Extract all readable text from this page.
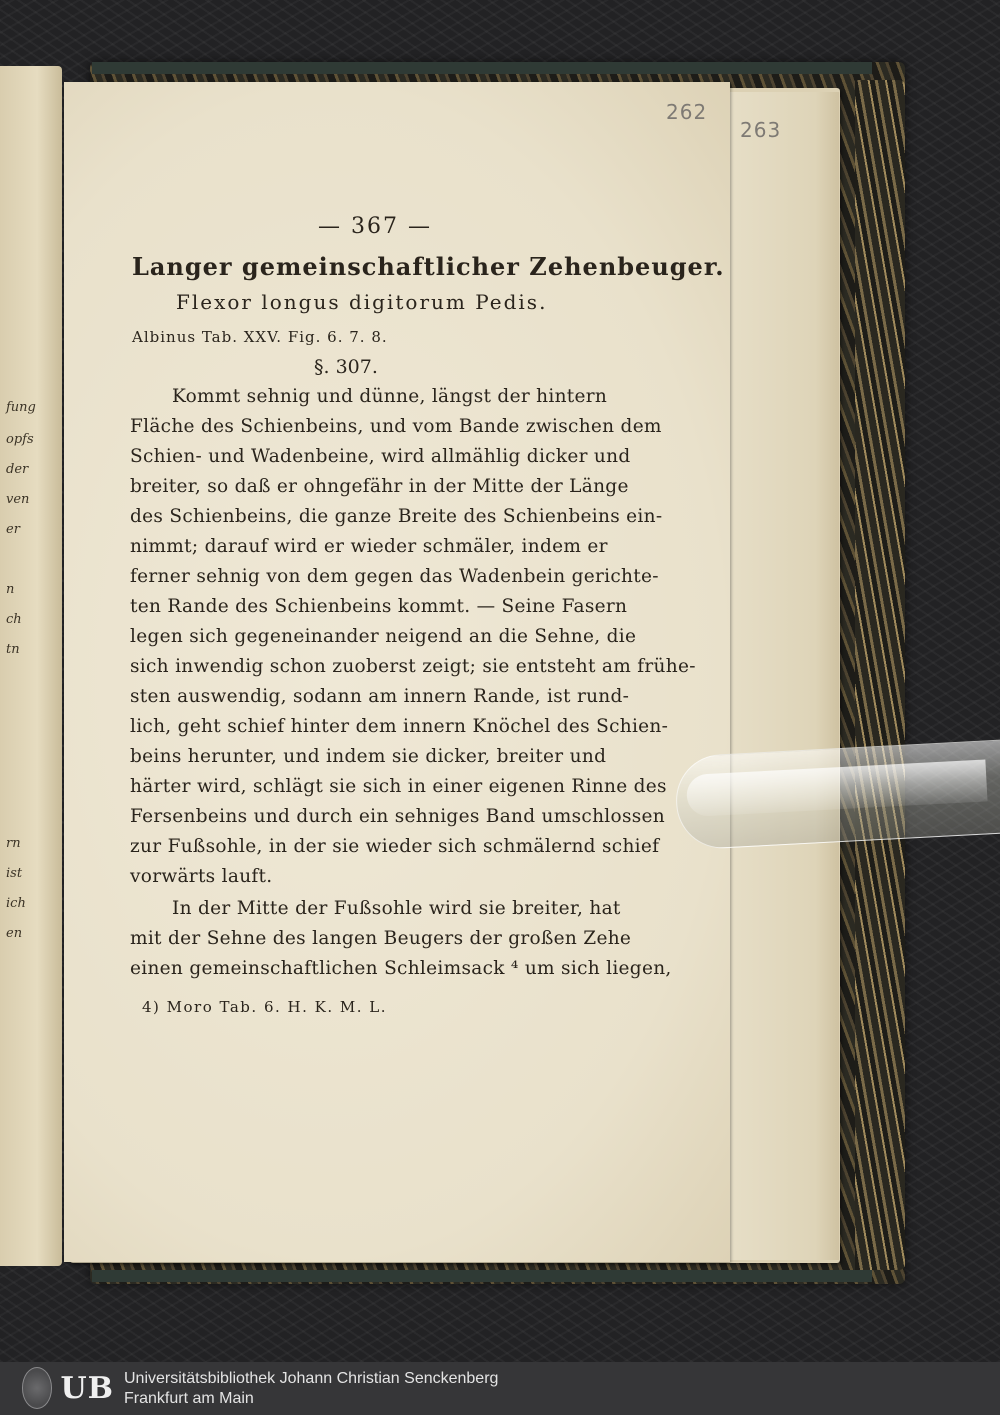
fung
opfs
der
ven
er
n
ch
tn
rn
ist
ich
en
262
263
— 367 —
Langer gemeinschaftlicher Zehenbeuger.
Flexor longus digitorum Pedis.
Albinus Tab. XXV. Fig. 6. 7. 8.
§. 307.
Kommt sehnig und dünne, längst der hintern
Fläche des Schienbeins, und vom Bande zwischen dem
Schien- und Wadenbeine, wird allmählig dicker und
breiter, so daß er ohngefähr in der Mitte der Länge
des Schienbeins, die ganze Breite des Schienbeins ein-
nimmt; darauf wird er wieder schmäler, indem er
ferner sehnig von dem gegen das Wadenbein gerichte-
ten Rande des Schienbeins kommt. — Seine Fasern
legen sich gegeneinander neigend an die Sehne, die
sich inwendig schon zuoberst zeigt; sie entsteht am frühe-
sten auswendig, sodann am innern Rande, ist rund-
lich, geht schief hinter dem innern Knöchel des Schien-
beins herunter, und indem sie dicker, breiter und
härter wird, schlägt sie sich in einer eigenen Rinne des
Fersenbeins und durch ein sehniges Band umschlossen
zur Fußsohle, in der sie wieder sich schmälernd schief
vorwärts lauft.
In der Mitte der Fußsohle wird sie breiter, hat
mit der Sehne des langen Beugers der großen Zehe
einen gemeinschaftlichen Schleimsack ⁴ um sich liegen,
4) Moro Tab. 6. H. K. M. L.
UB Universitätsbibliothek Johann Christian Senckenberg
Frankfurt am Main
